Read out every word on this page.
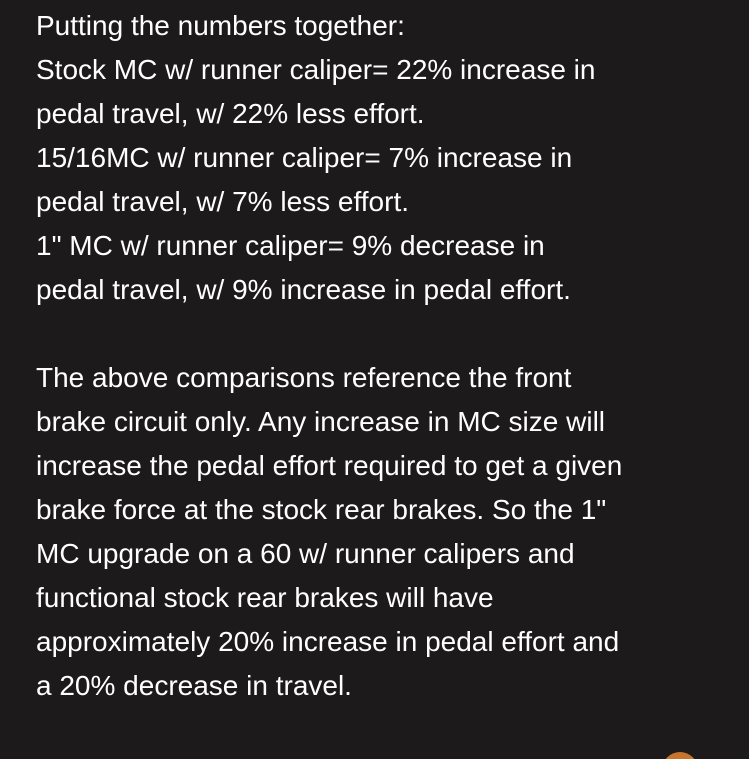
Putting the numbers together:
Stock MC w/ runner caliper= 22% increase in
pedal travel, w/ 22% less effort.
15/16MC w/ runner caliper= 7% increase in
pedal travel, w/ 7% less effort.
1" MC w/ runner caliper= 9% decrease in
pedal travel, w/ 9% increase in pedal effort.
The above comparisons reference the front
brake circuit only. Any increase in MC size will
increase the pedal effort required to get a given
brake force at the stock rear brakes. So the 1"
MC upgrade on a 60 w/ runner calipers and
functional stock rear brakes will have
approximately 20% increase in pedal effort and
a 20% decrease in travel.
